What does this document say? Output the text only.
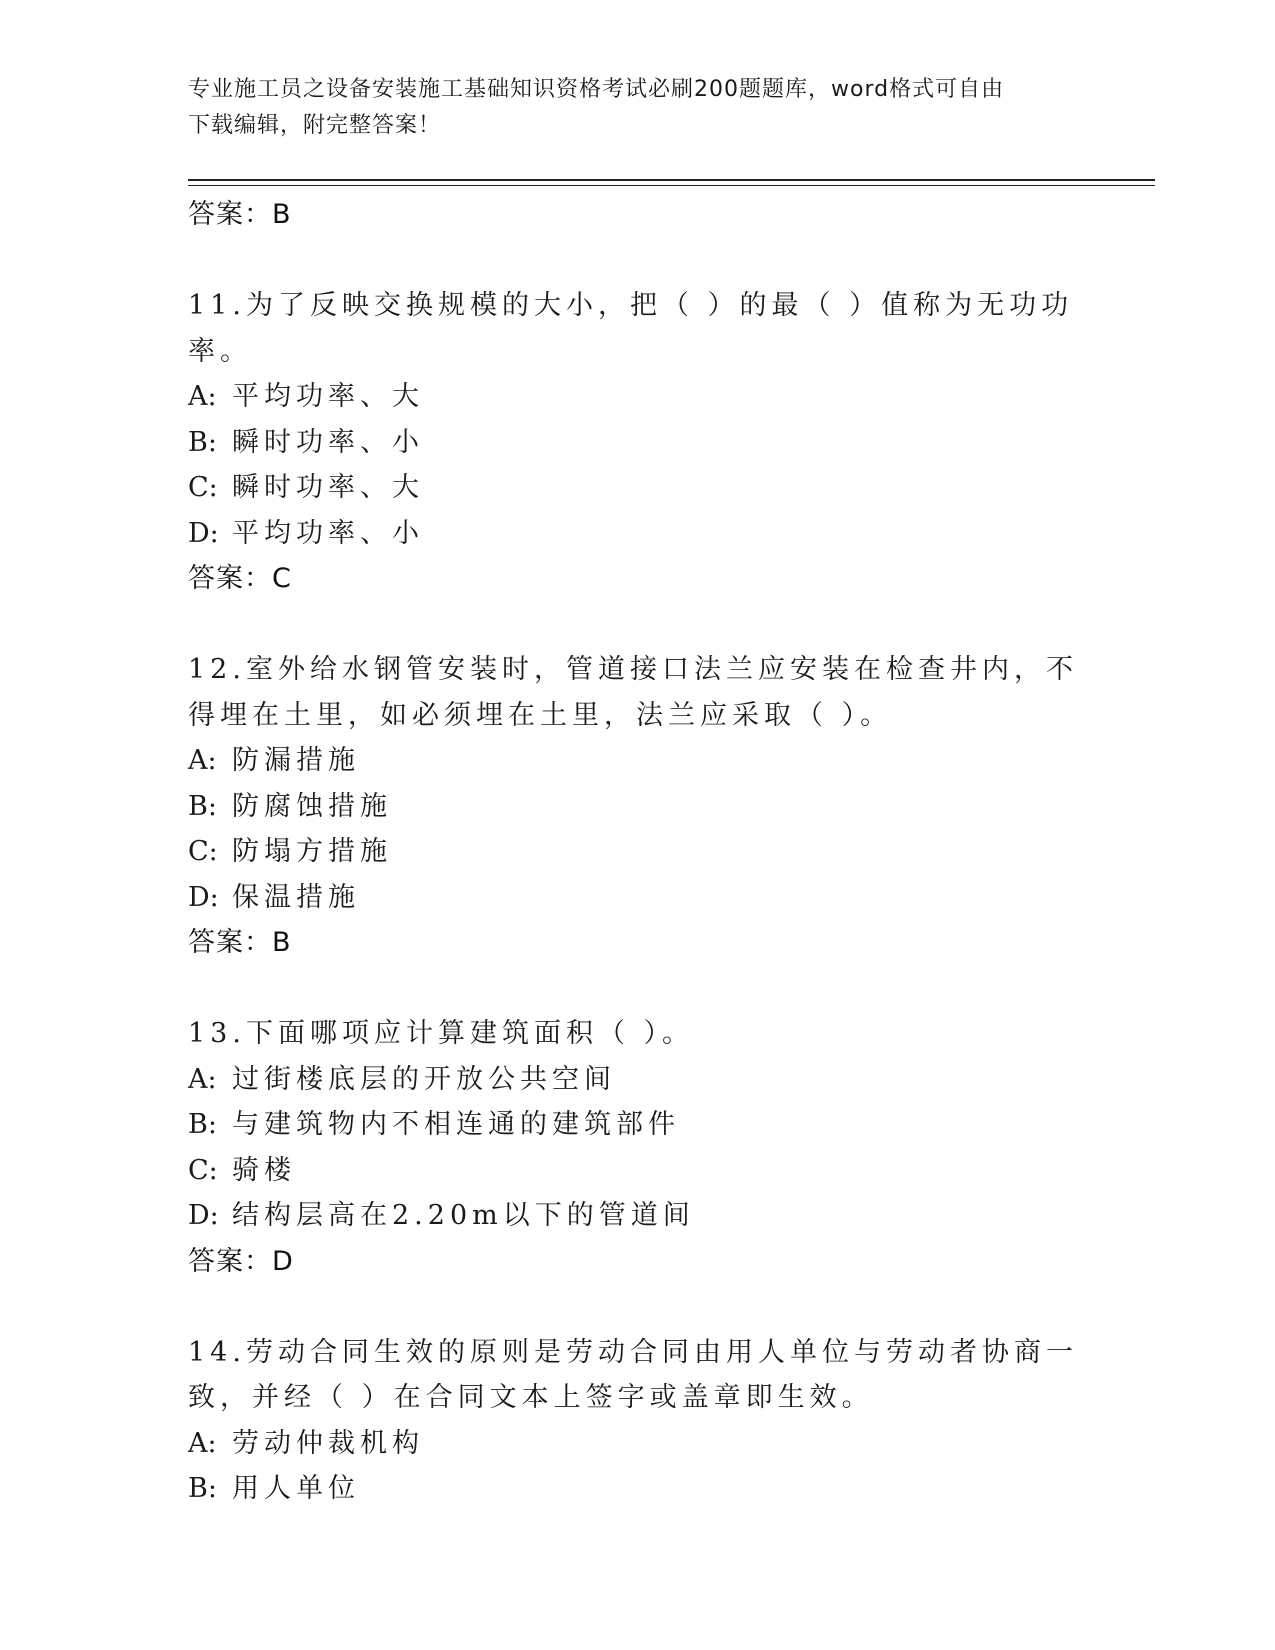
专业施工员之设备安装施工基础知识资格考试必刷200题题库，word格式可自由
下载编辑，附完整答案！
答案：B
11.为了反映交换规模的大小，把（ ）的最（ ）值称为无功功率。
A: 平均功率、大
B: 瞬时功率、小
C: 瞬时功率、大
D: 平均功率、小
答案：C
12.室外给水钢管安装时，管道接口法兰应安装在检查井内，不得埋在土里，如必须埋在土里，法兰应采取（ ）。
A: 防漏措施
B: 防腐蚀措施
C: 防塌方措施
D: 保温措施
答案：B
13.下面哪项应计算建筑面积（ ）。
A: 过街楼底层的开放公共空间
B: 与建筑物内不相连通的建筑部件
C: 骑楼
D: 结构层高在2.20m以下的管道间
答案：D
14.劳动合同生效的原则是劳动合同由用人单位与劳动者协商一致，并经（ ）在合同文本上签字或盖章即生效。
A: 劳动仲裁机构
B: 用人单位
